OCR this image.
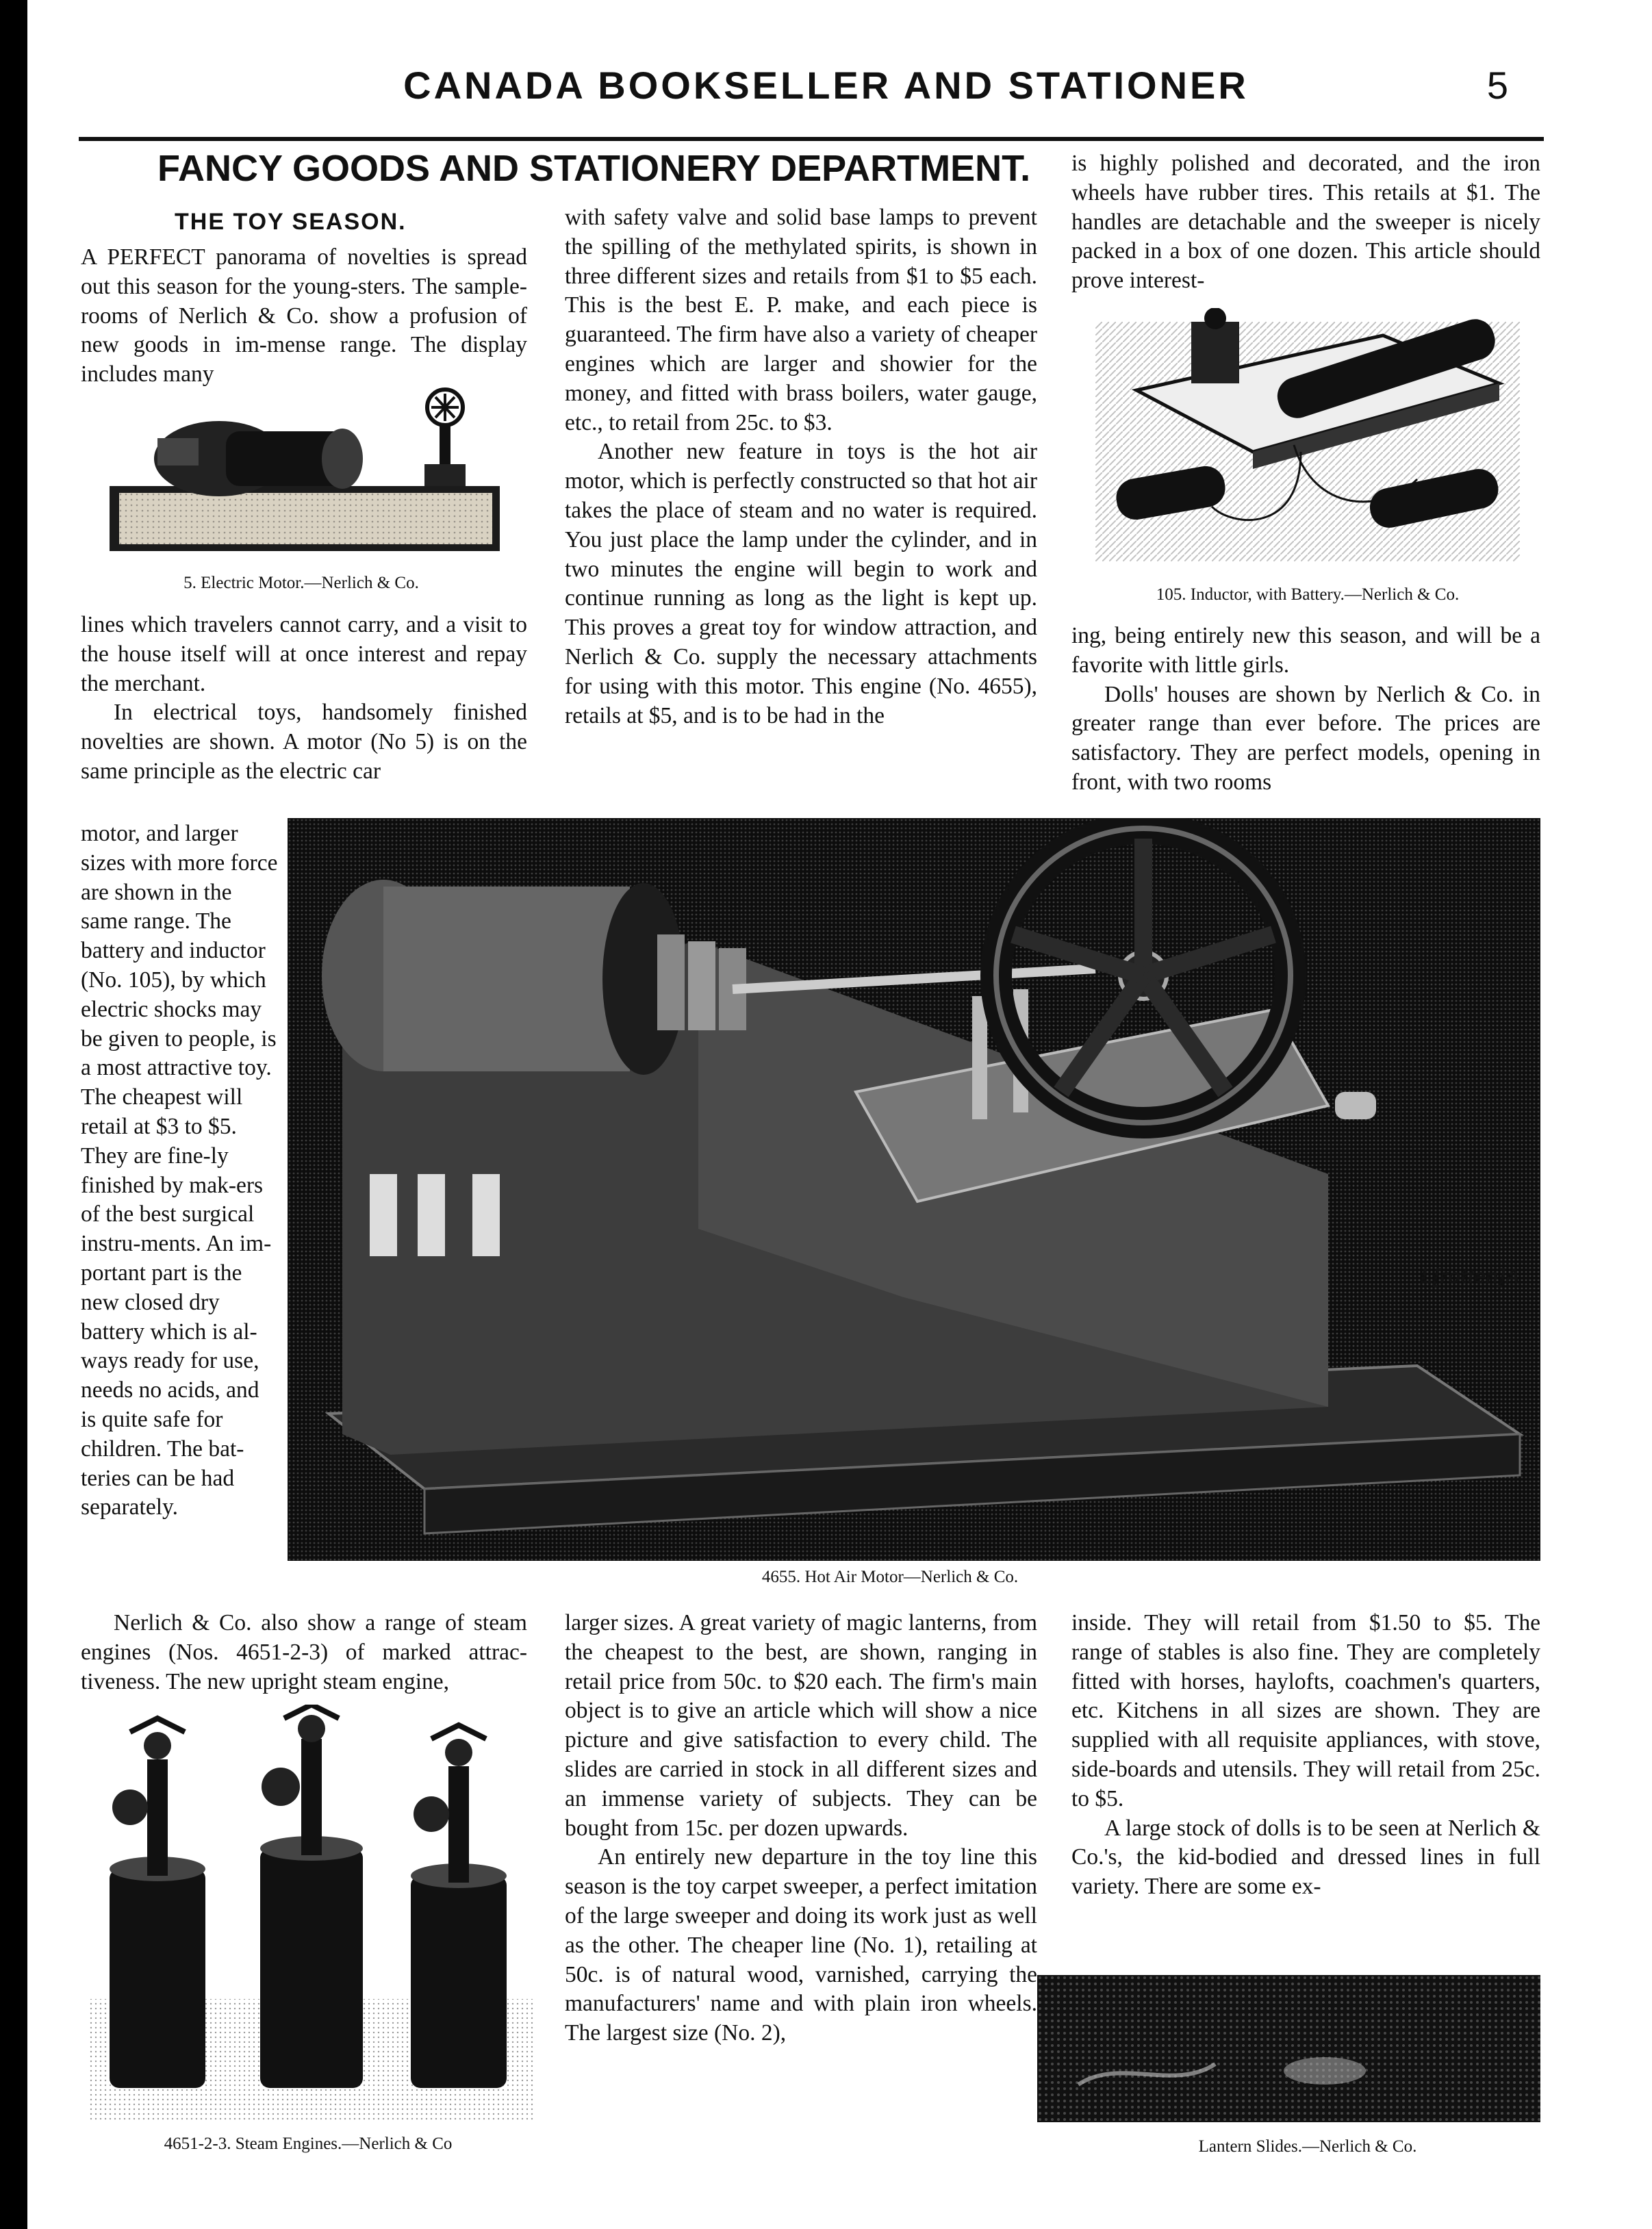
CANADA BOOKSELLER AND STATIONER	5
FANCY GOODS AND STATIONERY DEPARTMENT.
THE TOY SEASON.

A PERFECT panorama of novelties is spread out this season for the young-sters. The sample-rooms of Nerlich & Co. show a profusion of new goods in im-mense range. The display includes many

5. Electric Motor.—Nerlich & Co.

lines which travelers cannot carry, and a visit to the house itself will at once interest and repay the merchant.

In electrical toys, handsomely finished novelties are shown. A motor (No 5) is on the same principle as the electric car

motor, and larger sizes with more force are shown in the same range. The battery and inductor (No. 105), by which electric shocks may be given to people, is a most attractive toy. The cheapest will retail at $3 to $5. They are fine-ly finished by mak-ers of the best surgical instru-ments. An im-portant part is the new closed dry battery which is al-ways ready for use, needs no acids, and is quite safe for children. The bat-teries can be had separately.

Nerlich & Co. also show a range of steam engines (Nos. 4651-2-3) of marked attrac-tiveness. The new upright steam engine,

with safety valve and solid base lamps to prevent the spilling of the methylated spirits, is shown in three different sizes and retails from $1 to $5 each. This is the best E. P. make, and each piece is guaranteed. The firm have also a variety of cheaper engines which are larger and showier for the money, and fitted with brass boilers, water gauge, etc., to retail from 25c. to $3.

Another new feature in toys is the hot air motor, which is perfectly constructed so that hot air takes the place of steam and no water is required. You just place the lamp under the cylinder, and in two minutes the engine will begin to work and continue running as long as the light is kept up. This proves a great toy for window attraction, and Nerlich & Co. supply the necessary attachments for using with this motor. This engine (No. 4655), retails at $5, and is to be had in the

is highly polished and decorated, and the iron wheels have rubber tires. This retails at $1. The handles are detachable and the sweeper is nicely packed in a box of one dozen. This article should prove interest-

105. Inductor, with Battery.—Nerlich & Co.

ing, being entirely new this season, and will be a favorite with little girls.

Dolls' houses are shown by Nerlich & Co. in greater range than ever before. The prices are satisfactory. They are perfect models, opening in front, with two rooms

L[rotten]A
4655. Hot Air Motor—Nerlich & Co.
4651-2-3. Steam Engines.—Nerlich & Co

larger sizes. A great variety of magic lanterns, from the cheapest to the best, are shown, ranging in retail price from 50c. to $20 each. The firm's main object is to give an article which will show a nice picture and give satisfaction to every child. The slides are carried in stock in all different sizes and an immense variety of subjects. They can be bought from 15c. per dozen upwards.

An entirely new departure in the toy line this season is the toy carpet sweeper, a perfect imitation of the large sweeper and doing its work just as well as the other. The cheaper line (No. 1), retailing at 50c. is of natural wood, varnished, carrying the manufacturers' name and with plain iron wheels. The largest size (No. 2),

inside. They will retail from $1.50 to $5. The range of stables is also fine. They are completely fitted with horses, haylofts, coachmen's quarters, etc. Kitchens in all sizes are shown. They are supplied with all requisite appliances, with stove, side-boards and utensils. They will retail from 25c. to $5.

A large stock of dolls is to be seen at Nerlich & Co.'s, the kid-bodied and dressed lines in full variety. There are some ex-

Lantern Slides.—Nerlich & Co.
